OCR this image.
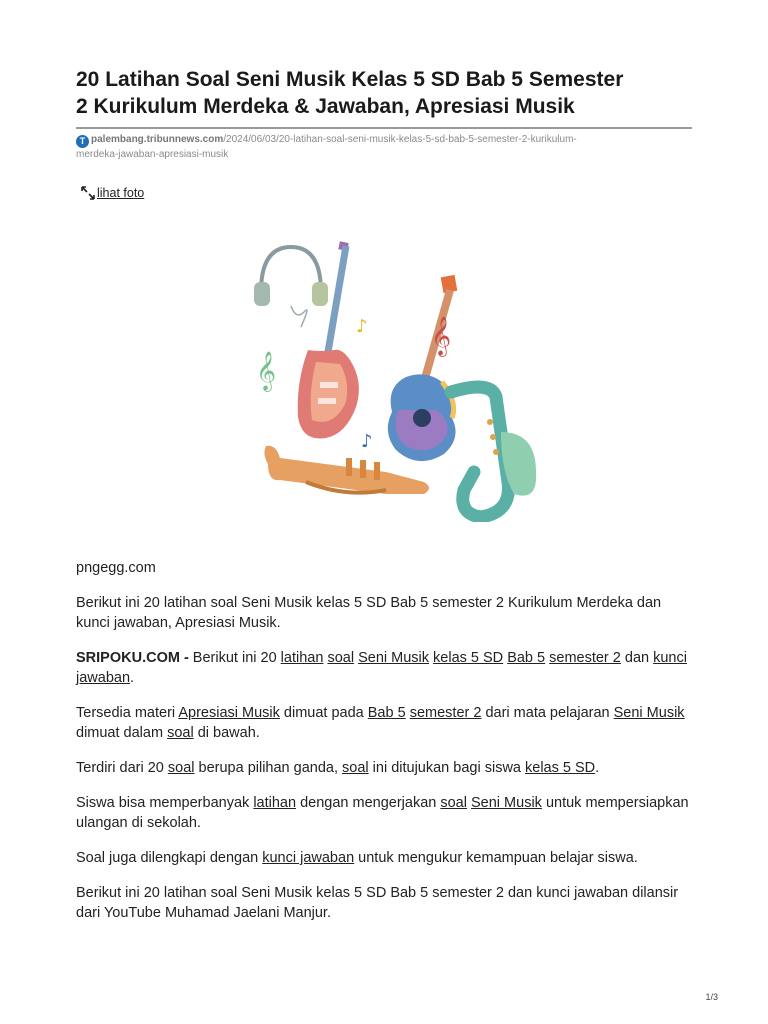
20 Latihan Soal Seni Musik Kelas 5 SD Bab 5 Semester
2 Kurikulum Merdeka & Jawaban, Apresiasi Musik
T palembang.tribunnews.com/2024/06/03/20-latihan-soal-seni-musik-kelas-5-sd-bab-5-semester-2-kurikulum-
merdeka-jawaban-apresiasi-musik
lihat foto
𝄞
𝄞
♪
♪

pngegg.com

Berikut ini 20 latihan soal Seni Musik kelas 5 SD Bab 5 semester 2 Kurikulum Merdeka dan kunci jawaban, Apresiasi Musik.

SRIPOKU.COM - Berikut ini 20 latihan soal Seni Musik kelas 5 SD Bab 5 semester 2 dan kunci jawaban.

Tersedia materi Apresiasi Musik dimuat pada Bab 5 semester 2 dari mata pelajaran Seni Musik dimuat dalam soal di bawah.

Terdiri dari 20 soal berupa pilihan ganda, soal ini ditujukan bagi siswa kelas 5 SD.

Siswa bisa memperbanyak latihan dengan mengerjakan soal Seni Musik untuk mempersiapkan ulangan di sekolah.

Soal juga dilengkapi dengan kunci jawaban untuk mengukur kemampuan belajar siswa.

Berikut ini 20 latihan soal Seni Musik kelas 5 SD Bab 5 semester 2 dan kunci jawaban dilansir dari YouTube Muhamad Jaelani Manjur.

1/3
